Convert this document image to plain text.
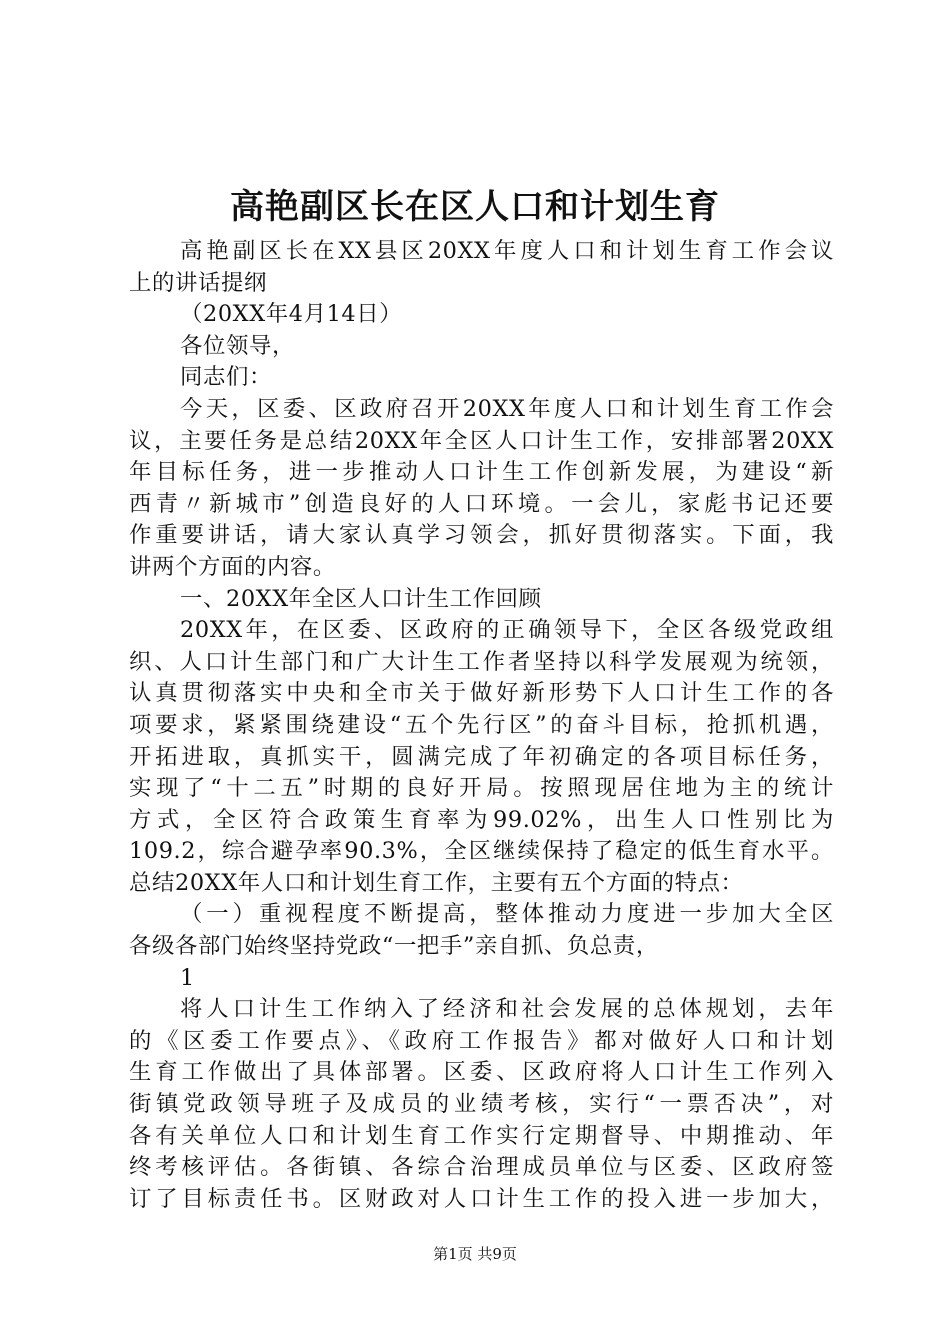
高艳副区长在区人口和计划生育
高艳副区长在XX县区20XX年度人口和计划生育工作会议
上的讲话提纲
（20XX年4月14日）
各位领导，
同志们：
今天，区委、区政府召开20XX年度人口和计划生育工作会
议，主要任务是总结20XX年全区人口计生工作，安排部署20XX
年目标任务，进一步推动人口计生工作创新发展，为建设“新
西青〃新城市”创造良好的人口环境。一会儿，家彪书记还要
作重要讲话，请大家认真学习领会，抓好贯彻落实。下面，我
讲两个方面的内容。
一、20XX年全区人口计生工作回顾
20XX年，在区委、区政府的正确领导下，全区各级党政组
织、人口计生部门和广大计生工作者坚持以科学发展观为统领，
认真贯彻落实中央和全市关于做好新形势下人口计生工作的各
项要求，紧紧围绕建设“五个先行区”的奋斗目标，抢抓机遇，
开拓进取，真抓实干，圆满完成了年初确定的各项目标任务，
实现了“十二五”时期的良好开局。按照现居住地为主的统计
方式，全区符合政策生育率为99.02%，出生人口性别比为
109.2，综合避孕率90.3%，全区继续保持了稳定的低生育水平。
总结20XX年人口和计划生育工作，主要有五个方面的特点：
（一）重视程度不断提高，整体推动力度进一步加大全区
各级各部门始终坚持党政“一把手”亲自抓、负总责，
1
将人口计生工作纳入了经济和社会发展的总体规划，去年
的《区委工作要点》、《政府工作报告》都对做好人口和计划
生育工作做出了具体部署。区委、区政府将人口计生工作列入
街镇党政领导班子及成员的业绩考核，实行“一票否决”，对
各有关单位人口和计划生育工作实行定期督导、中期推动、年
终考核评估。各街镇、各综合治理成员单位与区委、区政府签
订了目标责任书。区财政对人口计生工作的投入进一步加大，
第1页 共9页
